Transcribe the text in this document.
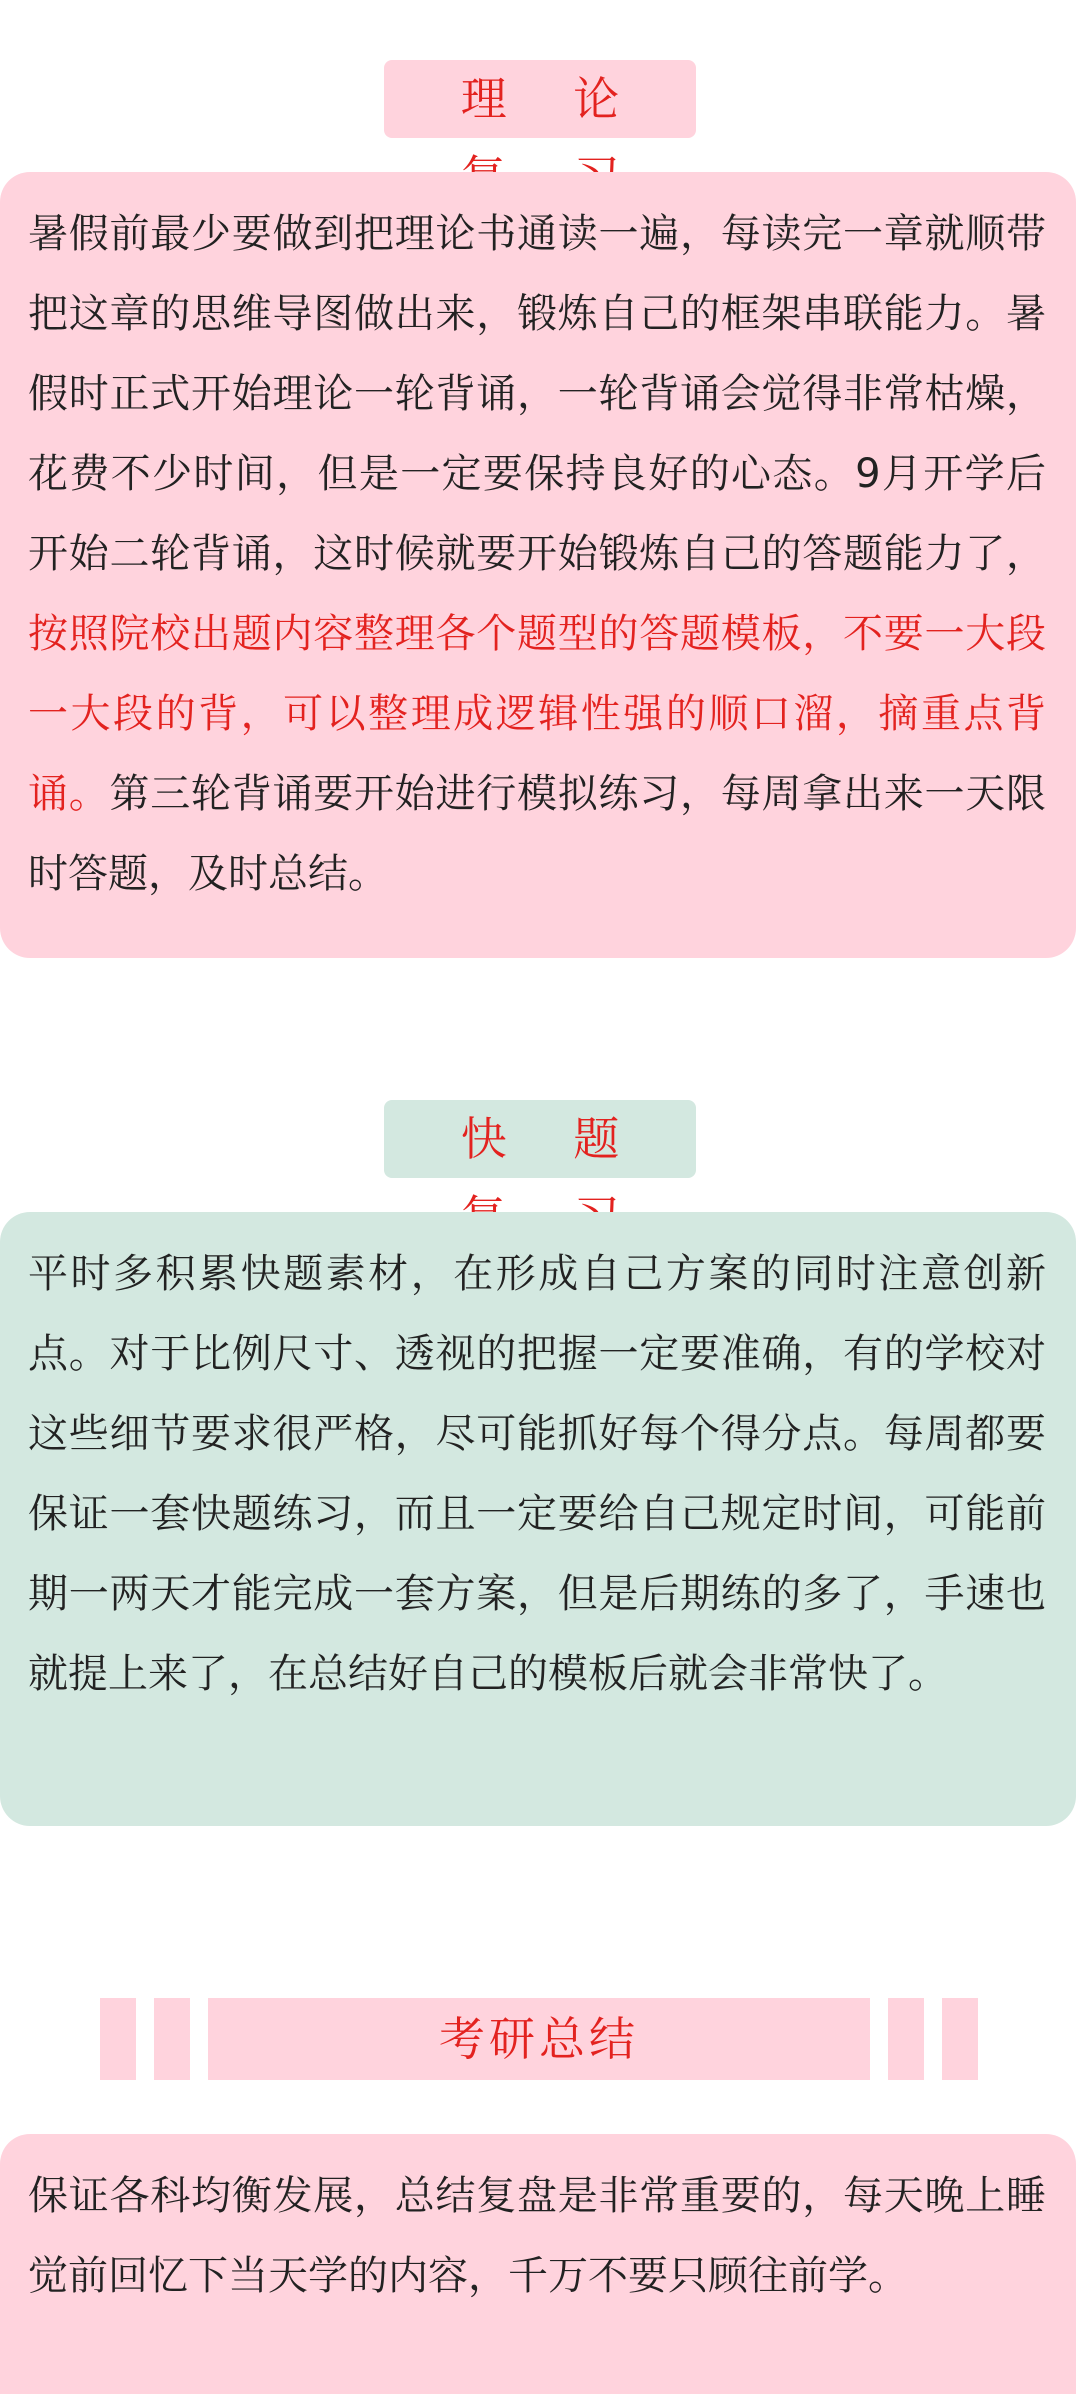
理 论

暑假前最少要做到把理论书通读一遍，每读完一章就顺带把这章的思维导图做出来，锻炼自己的框架串联能力。暑假时正式开始理论一轮背诵，一轮背诵会觉得非常枯燥，花费不少时间，但是一定要保持良好的心态。9月开学后开始二轮背诵，这时候就要开始锻炼自己的答题能力了，按照院校出题内容整理各个题型的答题模板，不要一大段一大段的背，可以整理成逻辑性强的顺口溜，摘重点背诵。第三轮背诵要开始进行模拟练习，每周拿出来一天限时答题，及时总结。

快 题

平时多积累快题素材，在形成自己方案的同时注意创新点。对于比例尺寸、透视的把握一定要准确，有的学校对这些细节要求很严格，尽可能抓好每个得分点。每周都要保证一套快题练习，而且一定要给自己规定时间，可能前期一两天才能完成一套方案，但是后期练的多了，手速也就提上来了，在总结好自己的模板后就会非常快了。

考研总结

保证各科均衡发展，总结复盘是非常重要的，每天晚上睡觉前回忆下当天学的内容，千万不要只顾往前学。
